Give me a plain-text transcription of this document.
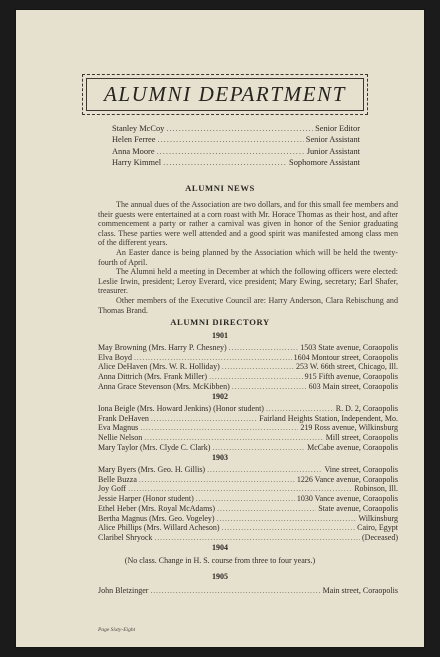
ALUMNI DEPARTMENT
Stanley McCoy .....	Senior Editor
Helen Ferree .....	Senior Assistant
Anna Moore .....	Junior Assistant
Harry Kimmel .....	Sophomore Assistant
ALUMNI NEWS

The annual dues of the Association are two dollars, and for this small fee members and their guests were entertained at a corn roast with Mr. Horace Thomas as their host, and after commencement a party or rather a carnival was given in honor of the Senior graduating class. These parties were well attended and a good spirit was manifested among class men of the different years.

An Easter dance is being planned by the Association which will be held the twenty-fourth of April.

The Alumni held a meeting in December at which the following officers were elected: Leslie Irwin, president; Leroy Everard, vice president; Mary Ewing, secretary; Earl Shafer, treasurer.

Other members of the Executive Council are: Harry Anderson, Clara Rebischung and Thomas Brand.

ALUMNI DIRECTORY
1901
May Browning (Mrs. Harry P. Chesney) .....	1503 State avenue, Coraopolis
Elva Boyd .....	1604 Montour street, Coraopolis
Alice DeHaven (Mrs. W. R. Holliday) .....	253 W. 66th street, Chicago, Ill.
Anna Dittrich (Mrs. Frank Miller) .....	915 Fifth avenue, Coraopolis
Anna Grace Stevenson (Mrs. McKibben) .....	603 Main street, Coraopolis
1902
Iona Beigle (Mrs. Howard Jenkins) (Honor student) .....	R. D. 2, Coraopolis
Frank DeHaven .....	Fairland Heights Station, Independent, Mo.
Eva Magnus .....	219 Ross avenue, Wilkinsburg
Nellie Nelson .....	Mill street, Coraopolis
Mary Taylor (Mrs. Clyde C. Clark) .....	McCabe avenue, Coraopolis
1903
Mary Byers (Mrs. Geo. H. Gillis) .....	Vine street, Coraopolis
Belle Buzza .....	1226 Vance avenue, Coraopolis
Joy Goff .....	Robinson, Ill.
Jessie Harper (Honor student) .....	1030 Vance avenue, Coraopolis
Ethel Heber (Mrs. Royal McAdams) .....	State avenue, Coraopolis
Bertha Magnus (Mrs. Geo. Vogeley) .....	Wilkinsburg
Alice Phillips (Mrs. Willard Acheson) .....	Cairo, Egypt
Claribel Shryock .....	(Deceased)
1904
(No class. Change in H. S. course from three to four years.)
1905
John Bletzinger .....	Main street, Coraopolis
Page Sixty-Eight
